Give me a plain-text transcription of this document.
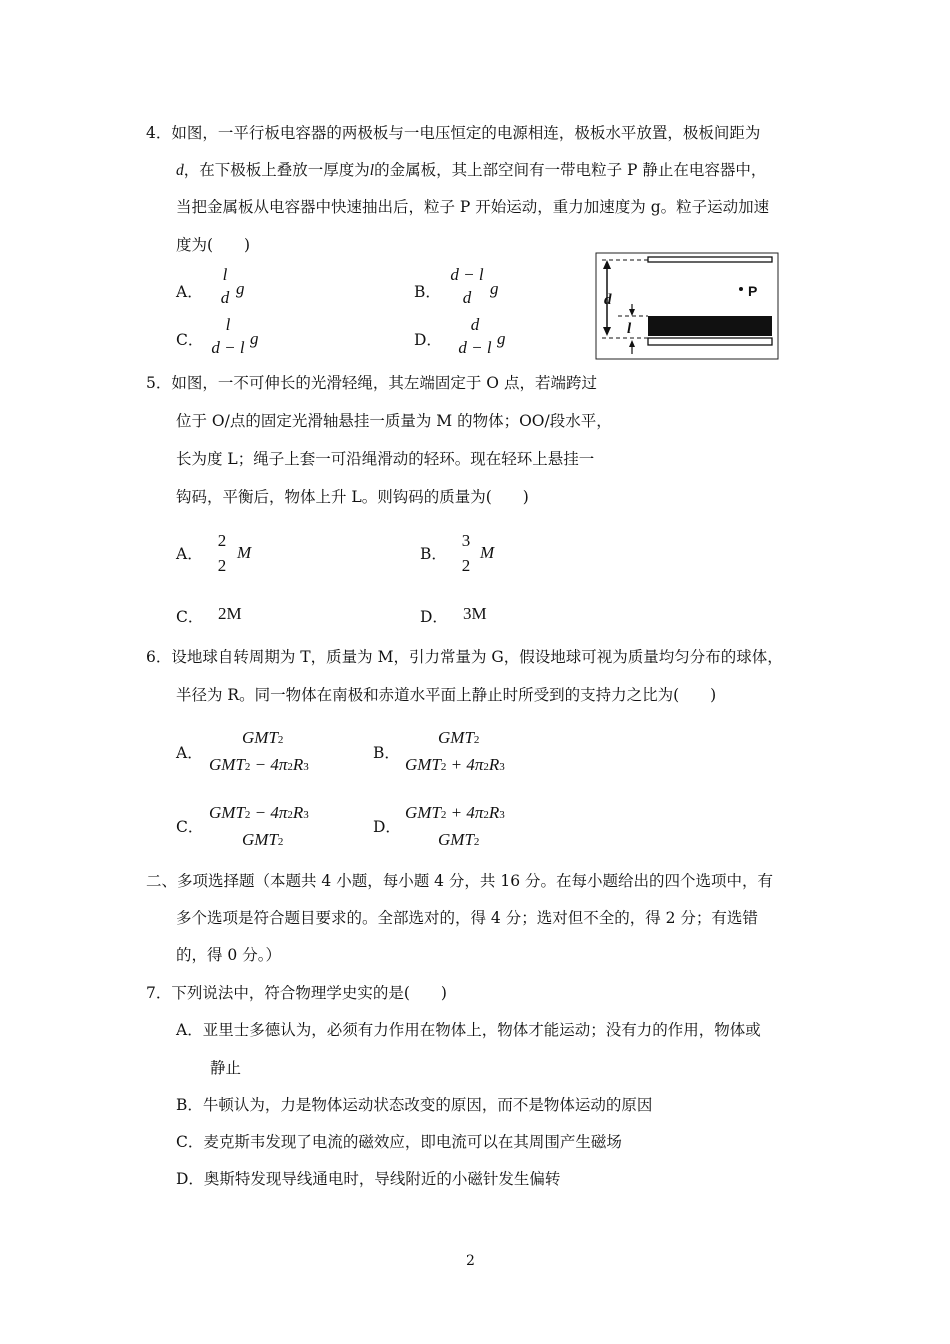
4．如图，一平行板电容器的两极板与一电压恒定的电源相连，极板水平放置，极板间距为
d，在下极板上叠放一厚度为l的金属板，其上部空间有一带电粒子 P 静止在电容器中，
当把金属板从电容器中快速抽出后，粒子 P 开始运动，重力加速度为 g。粒子运动加速
度为(　　)
A．
l
d g	B．
d − l
d	g
C．
l
d − l g	D．
d
d − l g
d
P
l
5．如图，一不可伸长的光滑轻绳，其左端固定于 O 点，若端跨过
位于 O/点的固定光滑轴悬挂一质量为 M 的物体；OO/段水平，
长为度 L；绳子上套一可沿绳滑动的轻环。现在轻环上悬挂一
钩码，平衡后，物体上升 L。则钩码的质量为(　　)
A．
2
2
M	B．
3
2
M
C． 2M	D． 3M
6．设地球自转周期为 T，质量为 M，引力常量为 G，假设地球可视为质量均匀分布的球体，
半径为 R。同一物体在南极和赤道水平面上静止时所受到的支持力之比为(　　)
A．
GMT2
GMT2 − 4π2R3
B．
GMT2
GMT2 + 4π2R3
C．
GMT2 − 4π2R3
GMT2
D．
GMT2 + 4π2R3
GMT2
二、多项选择题（本题共 4 小题，每小题 4 分，共 16 分。在每小题给出的四个选项中，有
多个选项是符合题目要求的。全部选对的，得 4 分；选对但不全的，得 2 分；有选错
的，得 0 分。）
7．下列说法中，符合物理学史实的是(　　)
A．亚里士多德认为，必须有力作用在物体上，物体才能运动；没有力的作用，物体或
静止
B．牛顿认为，力是物体运动状态改变的原因，而不是物体运动的原因
C．麦克斯韦发现了电流的磁效应，即电流可以在其周围产生磁场
D．奥斯特发现导线通电时，导线附近的小磁针发生偏转
2
